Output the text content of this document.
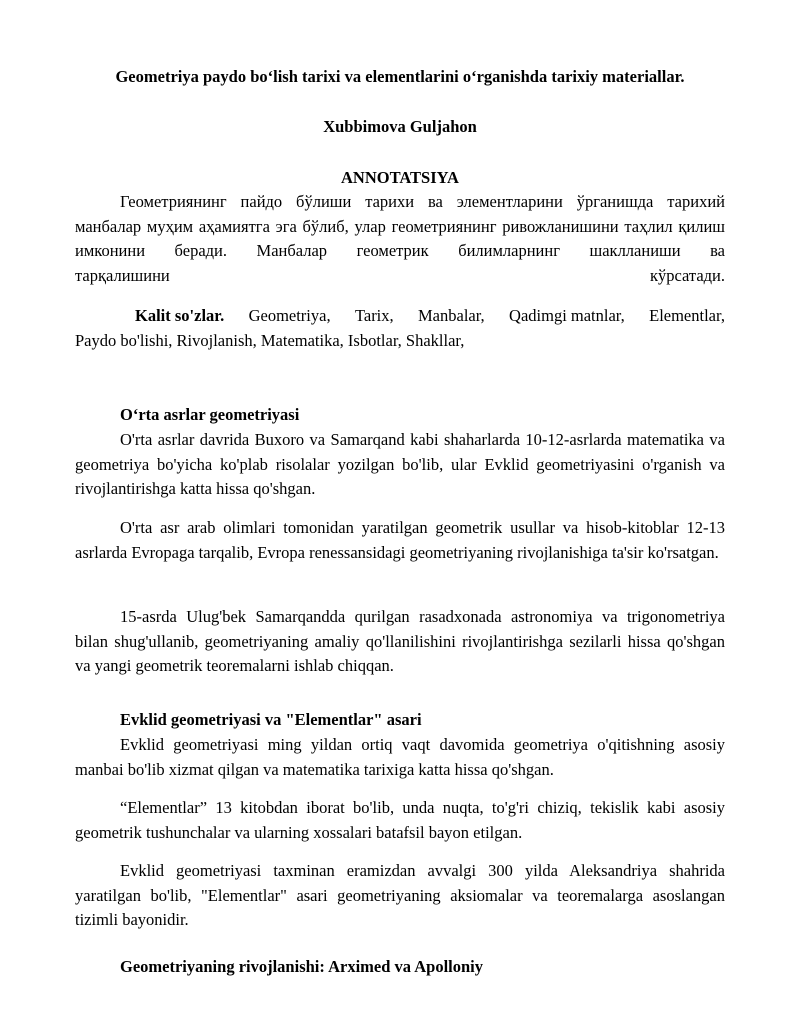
Geometriya paydo boʻlish tarixi va elementlarini oʻrganishda tarixiy materiallar.
Xubbimova Guljahon
ANNOTATSIYA
Геометриянинг пайдо бўлиши тарихи ва элементларини ўрганишда тарихий манбалар муҳим аҳамиятга эга бўлиб, улар геометриянинг ривожланишини таҳлил қилиш имконини беради. Манбалар геометрик билимларнинг шаклланиши ва
тарқалишини	кўрсатади.
Kalit so'zlar. Geometriya, Tarix, Manbalar, Qadimgi matnlar, Elementlar,
Paydo bo'lishi, Rivojlanish, Matematika, Isbotlar, Shakllar,
Oʻrta asrlar geometriyasi
O'rta asrlar davrida Buxoro va Samarqand kabi shaharlarda 10-12-asrlarda matematika va geometriya bo'yicha ko'plab risolalar yozilgan bo'lib, ular Evklid geometriyasini o'rganish va rivojlantirishga katta hissa qo'shgan.
O'rta asr arab olimlari tomonidan yaratilgan geometrik usullar va hisob-kitoblar 12-13 asrlarda Evropaga tarqalib, Evropa renessansidagi geometriyaning rivojlanishiga ta'sir ko'rsatgan.
15-asrda Ulug'bek Samarqandda qurilgan rasadxonada astronomiya va trigonometriya bilan shug'ullanib, geometriyaning amaliy qo'llanilishini rivojlantirishga sezilarli hissa qo'shgan va yangi geometrik teoremalarni ishlab chiqqan.
Evklid geometriyasi va "Elementlar" asari
Evklid geometriyasi ming yildan ortiq vaqt davomida geometriya o'qitishning asosiy manbai bo'lib xizmat qilgan va matematika tarixiga katta hissa qo'shgan.
“Elementlar” 13 kitobdan iborat bo'lib, unda nuqta, to'g'ri chiziq, tekislik kabi asosiy geometrik tushunchalar va ularning xossalari batafsil bayon etilgan.
Evklid geometriyasi taxminan eramizdan avvalgi 300 yilda Aleksandriya shahrida yaratilgan bo'lib, "Elementlar" asari geometriyaning aksiomalar va teoremalarga asoslangan tizimli bayonidir.
Geometriyaning rivojlanishi: Arximed va Apolloniy
